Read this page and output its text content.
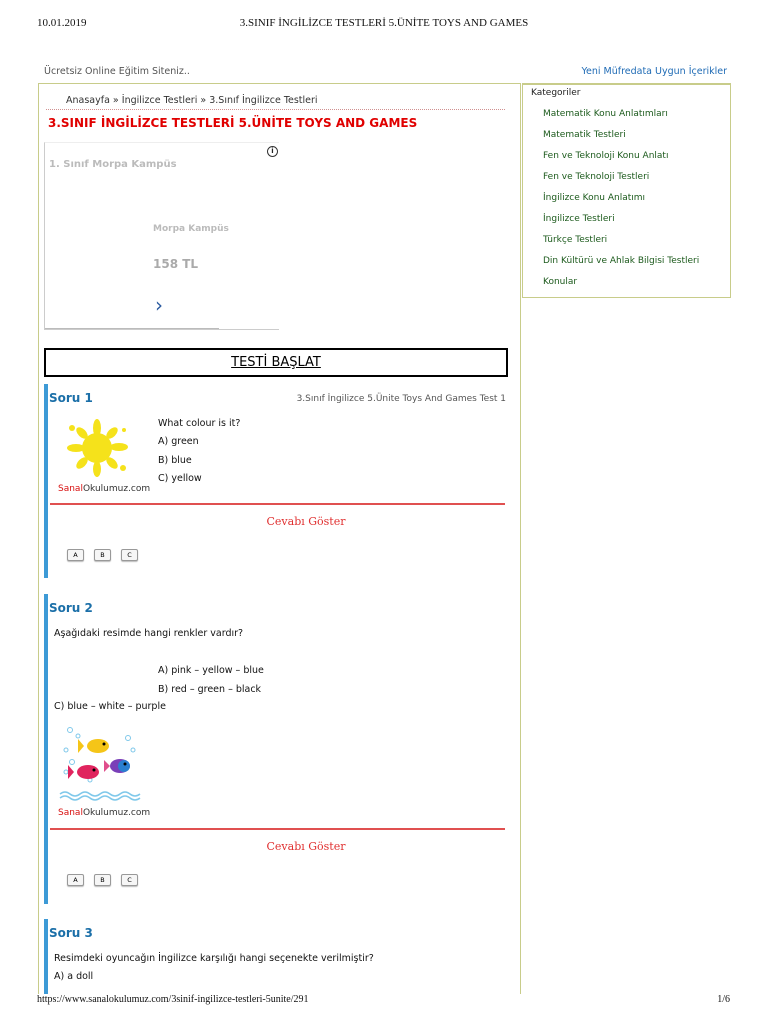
10.01.2019	3.SINIF İNGİLİZCE TESTLERİ 5.ÜNİTE TOYS AND GAMES
Ücretsiz Online Eğitim Siteniz..	Yeni Müfredata Uygun İçerikler
Anasayfa » İngilizce Testleri » 3.Sınıf İngilizce Testleri
3.SINIF İNGİLİZCE TESTLERİ 5.ÜNİTE TOYS AND GAMES
1. Sınıf Morpa Kampüs
i
Morpa Kampüs
158 TL
›
TESTİ BAŞLAT
Soru 1	3.Sınıf İngilizce 5.Ünite Toys And Games Test 1
SanalOkulumuz.com
What colour is it?
A) green
B) blue
C) yellow
Cevabı Göster
A	B	C
Soru 2
Aşağıdaki resimde hangi renkler vardır?
A) pink – yellow – blue
B) red – green – black
C) blue – white – purple
SanalOkulumuz.com
Cevabı Göster
A	B	C
Soru 3
Resimdeki oyuncağın İngilizce karşılığı hangi seçenekte verilmiştir?
A) a doll
Kategoriler
Matematik Konu Anlatımları
Matematik Testleri
Fen ve Teknoloji Konu Anlatı
Fen ve Teknoloji Testleri
İngilizce Konu Anlatımı
İngilizce Testleri
Türkçe Testleri
Din Kültürü ve Ahlak Bilgisi Testleri
Konular
https://www.sanalokulumuz.com/3sinif-ingilizce-testleri-5unite/291	1/6
